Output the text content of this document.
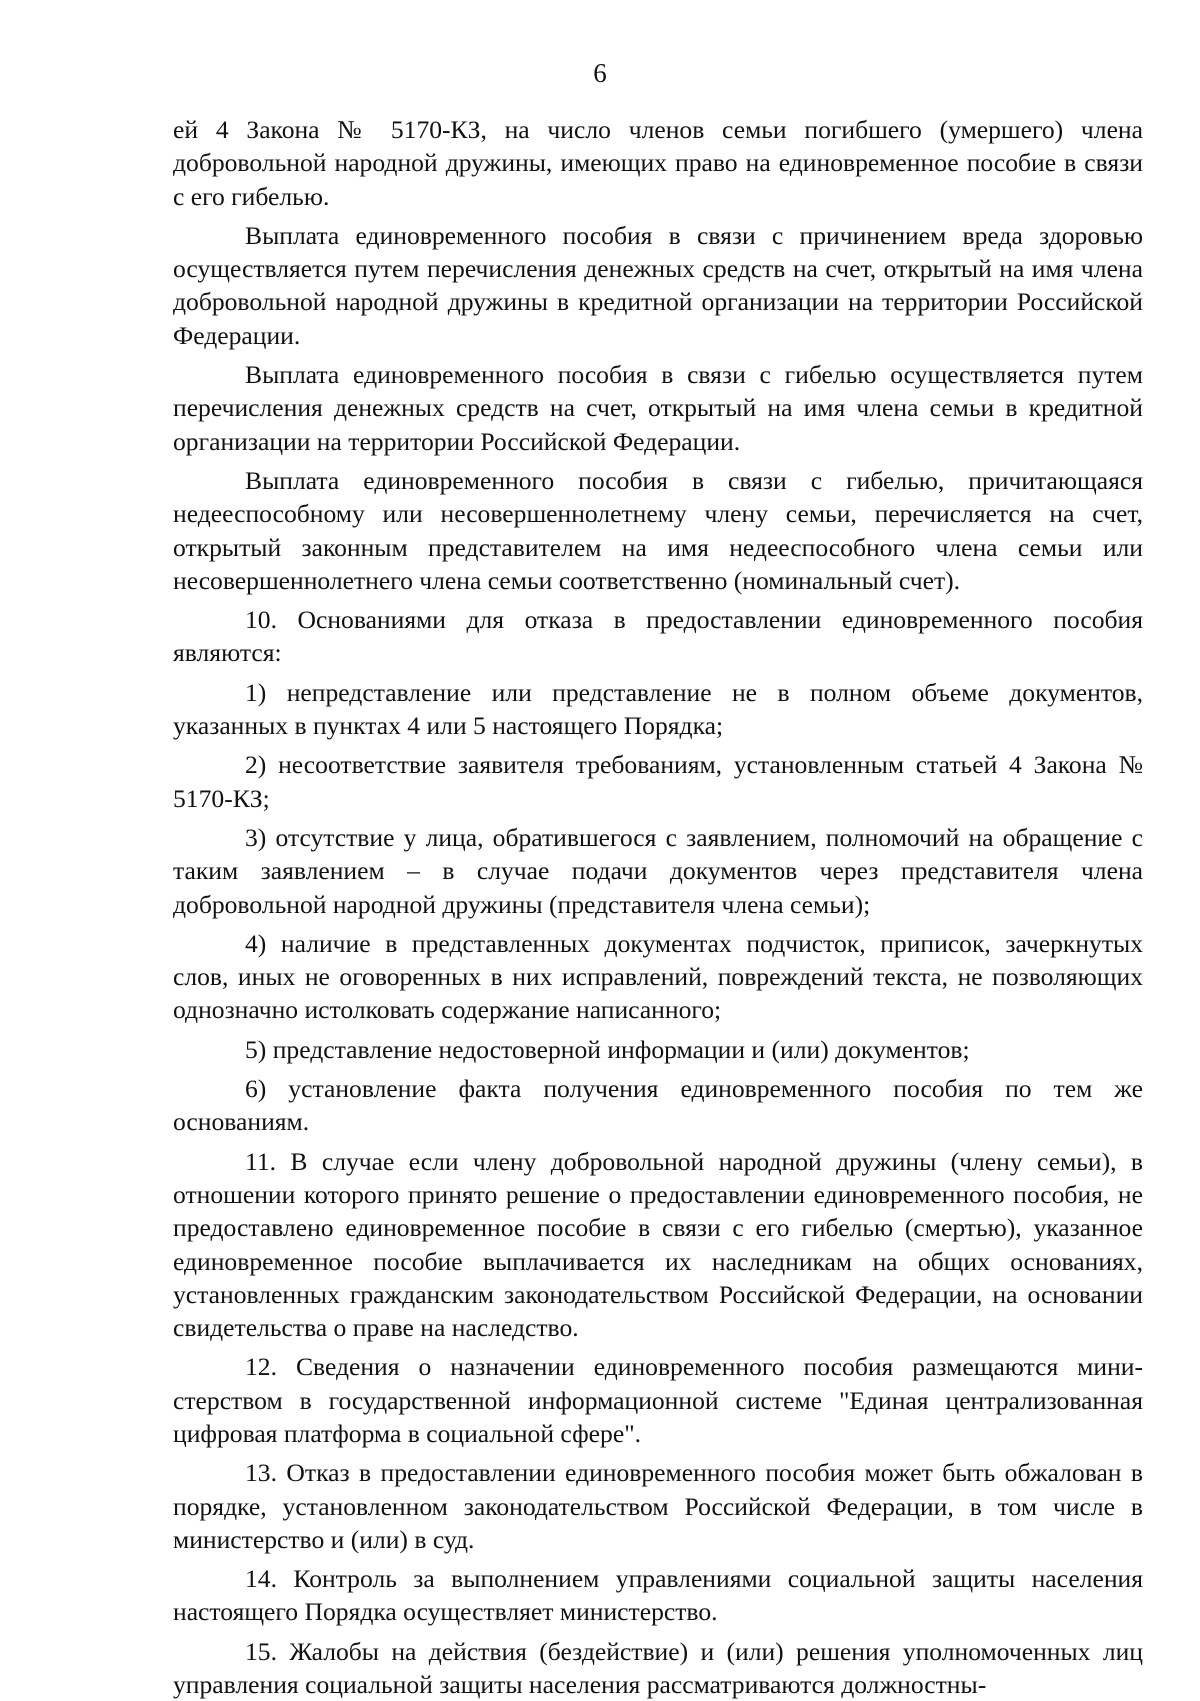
6

ей 4 Закона № 5170-КЗ, на число членов семьи погибшего (умершего) члена добровольной народной дружины, имеющих право на единовременное пособие в связи с его гибелью.

Выплата единовременного пособия в связи с причинением вреда здоровью осуществляется путем перечисления денежных средств на счет, открытый на имя члена добровольной народной дружины в кредитной организации на территории Российской Федерации.

Выплата единовременного пособия в связи с гибелью осуществляется путем перечисления денежных средств на счет, открытый на имя члена семьи в кредитной организации на территории Российской Федерации.

Выплата единовременного пособия в связи с гибелью, причитающаяся недееспособному или несовершеннолетнему члену семьи, перечисляется на счет, открытый законным представителем на имя недееспособного члена семьи или несовершеннолетнего члена семьи соответственно (номинальный счет).

10. Основаниями для отказа в предоставлении единовременного пособия являются:

1) непредставление или представление не в полном объеме документов, указанных в пунктах 4 или 5 настоящего Порядка;

2) несоответствие заявителя требованиям, установленным статьей 4 Закона № 5170-КЗ;

3) отсутствие у лица, обратившегося с заявлением, полномочий на обращение с таким заявлением – в случае подачи документов через представителя члена добровольной народной дружины (представителя члена семьи);

4) наличие в представленных документах подчисток, приписок, зачеркнутых слов, иных не оговоренных в них исправлений, повреждений текста, не позволяющих однозначно истолковать содержание написанного;

5) представление недостоверной информации и (или) документов;

6) установление факта получения единовременного пособия по тем же основаниям.

11. В случае если члену добровольной народной дружины (члену семьи), в отношении которого принято решение о предоставлении единовременного пособия, не предоставлено единовременное пособие в связи с его гибелью (смертью), указанное единовременное пособие выплачивается их наследникам на общих основаниях, установленных гражданским законодательством Российской Федерации, на основании свидетельства о праве на наследство.

12. Сведения о назначении единовременного пособия размещаются министерством в государственной информационной системе "Единая централизованная цифровая платформа в социальной сфере".

13. Отказ в предоставлении единовременного пособия может быть обжалован в порядке, установленном законодательством Российской Федерации, в том числе в министерство и (или) в суд.

14. Контроль за выполнением управлениями социальной защиты населения настоящего Порядка осуществляет министерство.

15. Жалобы на действия (бездействие) и (или) решения уполномоченных лиц управления социальной защиты населения рассматриваются должностны-
